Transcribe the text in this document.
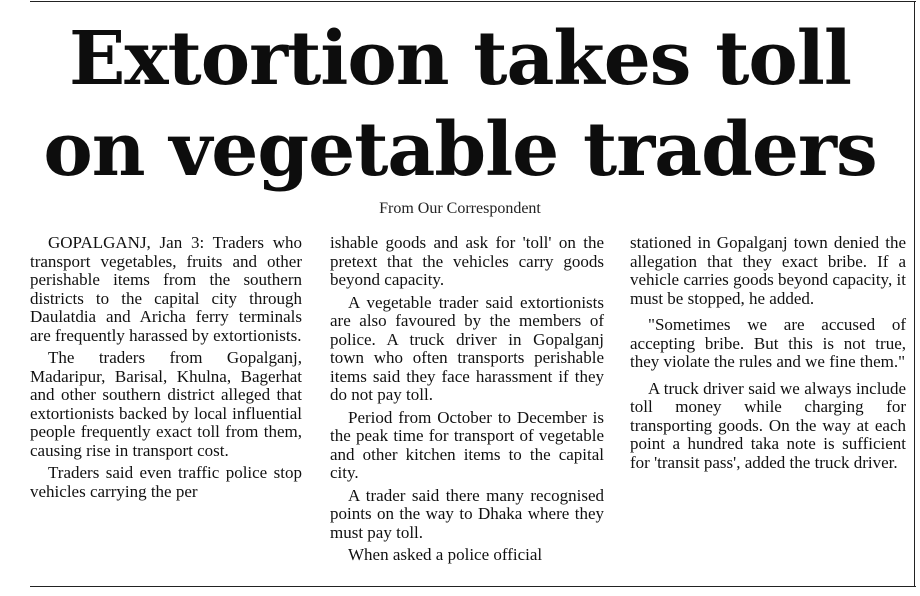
Extortion takes toll on vegetable traders
From Our Correspondent

GOPALGANJ, Jan 3: Traders who transport vegetables, fruits and other perishable items from the southern districts to the capital city through Daulatdia and Aricha ferry terminals are frequently harassed by extortionists.

The traders from Gopalganj, Madaripur, Barisal, Khulna, Bagerhat and other southern district alleged that extortionists backed by local influential people frequently exact toll from them, causing rise in transport cost.

Traders said even traffic police stop vehicles carrying the per

ishable goods and ask for 'toll' on the pretext that the vehicles carry goods beyond capacity.

A vegetable trader said extortionists are also favoured by the members of police. A truck driver in Gopalganj town who often transports perishable items said they face harassment if they do not pay toll.

Period from October to December is the peak time for transport of vegetable and other kitchen items to the capital city.

A trader said there many recognised points on the way to Dhaka where they must pay toll.

When asked a police official

stationed in Gopalganj town denied the allegation that they exact bribe. If a vehicle carries goods beyond capacity, it must be stopped, he added.

"Sometimes we are accused of accepting bribe. But this is not true, they violate the rules and we fine them."

A truck driver said we always include toll money while charging for transporting goods. On the way at each point a hundred taka note is sufficient for 'transit pass', added the truck driver.
